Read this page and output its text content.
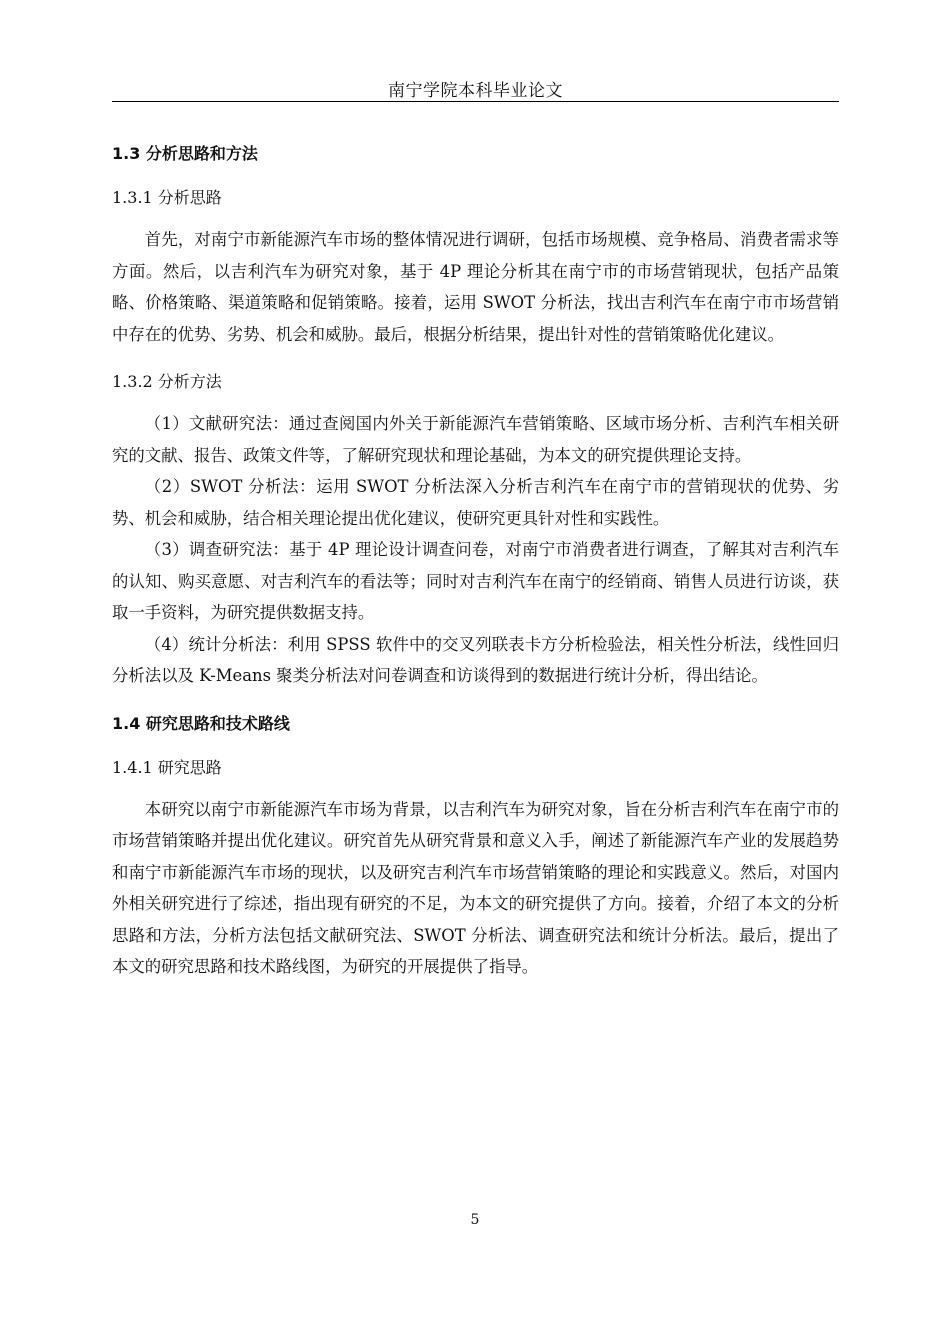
南宁学院本科毕业论文
1.3 分析思路和方法
1.3.1 分析思路

首先，对南宁市新能源汽车市场的整体情况进行调研，包括市场规模、竞争格局、消费者需求等方面。然后，以吉利汽车为研究对象，基于 4P 理论分析其在南宁市的市场营销现状，包括产品策略、价格策略、渠道策略和促销策略。接着，运用 SWOT 分析法，找出吉利汽车在南宁市市场营销中存在的优势、劣势、机会和威胁。最后，根据分析结果，提出针对性的营销策略优化建议。

1.3.2 分析方法

（1）文献研究法：通过查阅国内外关于新能源汽车营销策略、区域市场分析、吉利汽车相关研究的文献、报告、政策文件等，了解研究现状和理论基础，为本文的研究提供理论支持。

（2）SWOT 分析法：运用 SWOT 分析法深入分析吉利汽车在南宁市的营销现状的优势、劣势、机会和威胁，结合相关理论提出优化建议，使研究更具针对性和实践性。

（3）调查研究法：基于 4P 理论设计调查问卷，对南宁市消费者进行调查，了解其对吉利汽车的认知、购买意愿、对吉利汽车的看法等；同时对吉利汽车在南宁的经销商、销售人员进行访谈，获取一手资料，为研究提供数据支持。

（4）统计分析法：利用 SPSS 软件中的交叉列联表卡方分析检验法，相关性分析法，线性回归分析法以及 K-Means 聚类分析法对问卷调查和访谈得到的数据进行统计分析，得出结论。

1.4 研究思路和技术路线
1.4.1 研究思路

本研究以南宁市新能源汽车市场为背景，以吉利汽车为研究对象，旨在分析吉利汽车在南宁市的市场营销策略并提出优化建议。研究首先从研究背景和意义入手，阐述了新能源汽车产业的发展趋势和南宁市新能源汽车市场的现状，以及研究吉利汽车市场营销策略的理论和实践意义。然后，对国内外相关研究进行了综述，指出现有研究的不足，为本文的研究提供了方向。接着，介绍了本文的分析思路和方法，分析方法包括文献研究法、SWOT 分析法、调查研究法和统计分析法。最后，提出了本文的研究思路和技术路线图，为研究的开展提供了指导。

5
